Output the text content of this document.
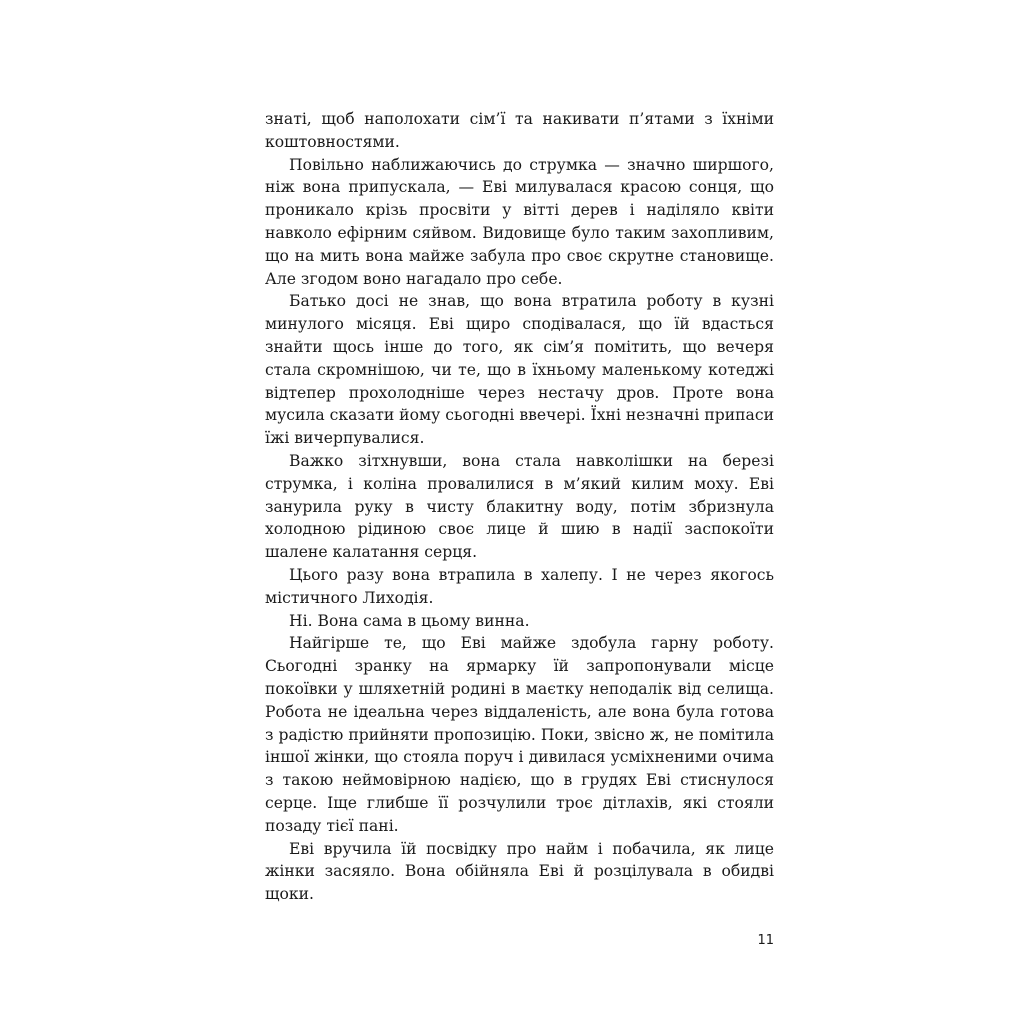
знаті, щоб наполохати сім’ї та накивати п’ятами з їхніми коштовностями.

Повільно наближаючись до струмка — значно ширшого, ніж вона припускала, — Еві милувалася красою сонця, що проникало крізь просвіти у вітті дерев і наділяло квіти навколо ефірним сяйвом. Видовище було таким захопливим, що на мить вона майже забула про своє скрутне становище. Але згодом воно нагадало про себе.

Батько досі не знав, що вона втратила роботу в кузні минулого місяця. Еві щиро сподівалася, що їй вдасться знайти щось інше до того, як сім’я помітить, що вечеря стала скромнішою, чи те, що в їхньому маленькому котеджі відтепер прохолодніше через нестачу дров. Проте вона мусила сказати йому сьогодні ввечері. Їхні незначні припаси їжі вичерпувалися.

Важко зітхнувши, вона стала навколішки на березі струмка, і коліна провалилися в м’який килим моху. Еві занурила руку в чисту блакитну воду, потім збризнула холодною рідиною своє лице й шию в надії заспокоїти шалене калатання серця.

Цього разу вона втрапила в халепу. І не через якогось містичного Лиходія.

Ні. Вона сама в цьому винна.

Найгірше те, що Еві майже здобула гарну роботу. Сьогодні зранку на ярмарку їй запропонували місце покоївки у шляхетній родині в маєтку неподалік від селища. Робота не ідеальна через віддаленість, але вона була готова з радістю прийняти пропозицію. Поки, звісно ж, не помітила іншої жінки, що стояла поруч і дивилася усміхненими очима з такою неймовірною надією, що в грудях Еві стиснулося серце. Іще глибше її розчулили троє дітлахів, які стояли позаду тієї пані.

Еві вручила їй посвідку про найм і побачила, як лице жінки засяяло. Вона обійняла Еві й розцілувала в обидві щоки.

11
